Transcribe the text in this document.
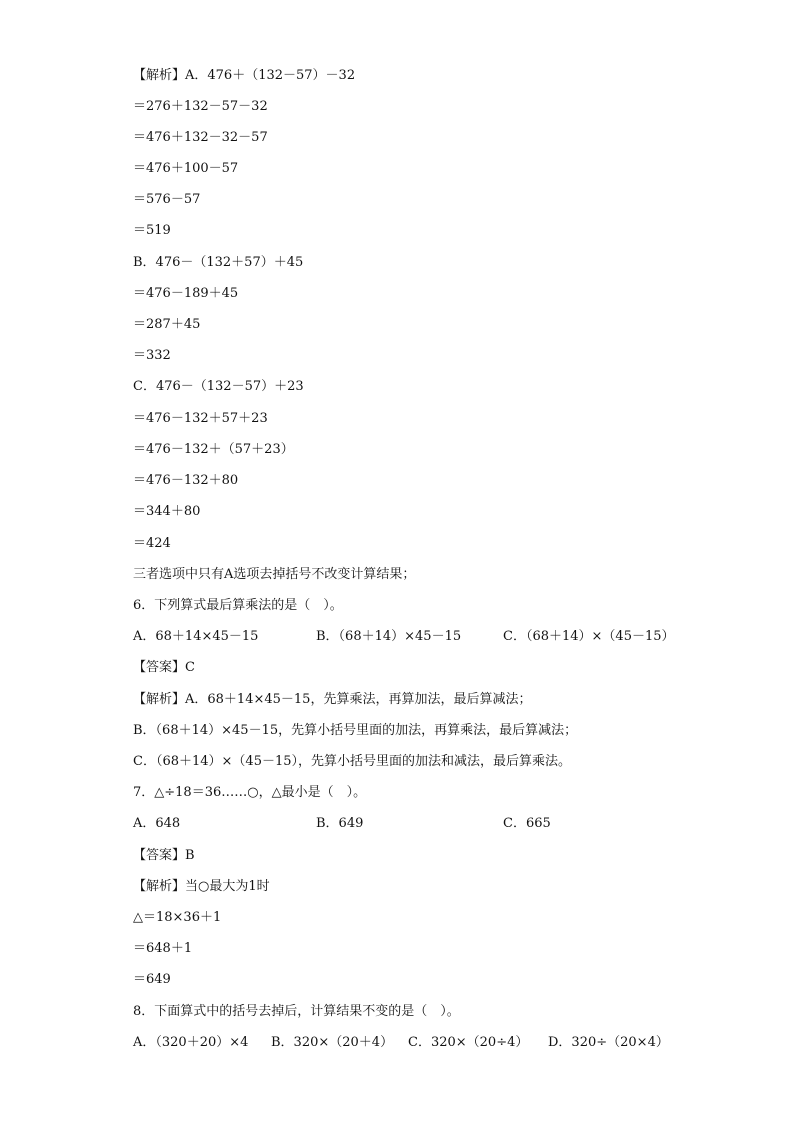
【解析】A．476＋（132－57）－32
＝276＋132－57－32
＝476＋132－32－57
＝476＋100－57
＝576－57
＝519
B．476－（132＋57）＋45
＝476－189＋45
＝287＋45
＝332
C．476－（132－57）＋23
＝476－132＋57＋23
＝476－132＋（57＋23）
＝476－132＋80
＝344＋80
＝424
三者选项中只有A选项去掉括号不改变计算结果；
6．下列算式最后算乘法的是（　）。
A．68＋14×45－15	B．（68＋14）×45－15	C．（68＋14）×（45－15）
【答案】C
【解析】A．68＋14×45－15，先算乘法，再算加法，最后算减法；
B．（68＋14）×45－15，先算小括号里面的加法，再算乘法，最后算减法；
C．（68＋14）×（45－15），先算小括号里面的加法和减法，最后算乘法。
7．△÷18＝36……○，△最小是（　）。
A．648	B．649	C．665
【答案】B
【解析】当○最大为1时
△＝18×36＋1
＝648＋1
＝649
8．下面算式中的括号去掉后，计算结果不变的是（　）。
A．（320＋20）×4 B．320×（20＋4） C．320×（20÷4） D．320÷（20×4）
